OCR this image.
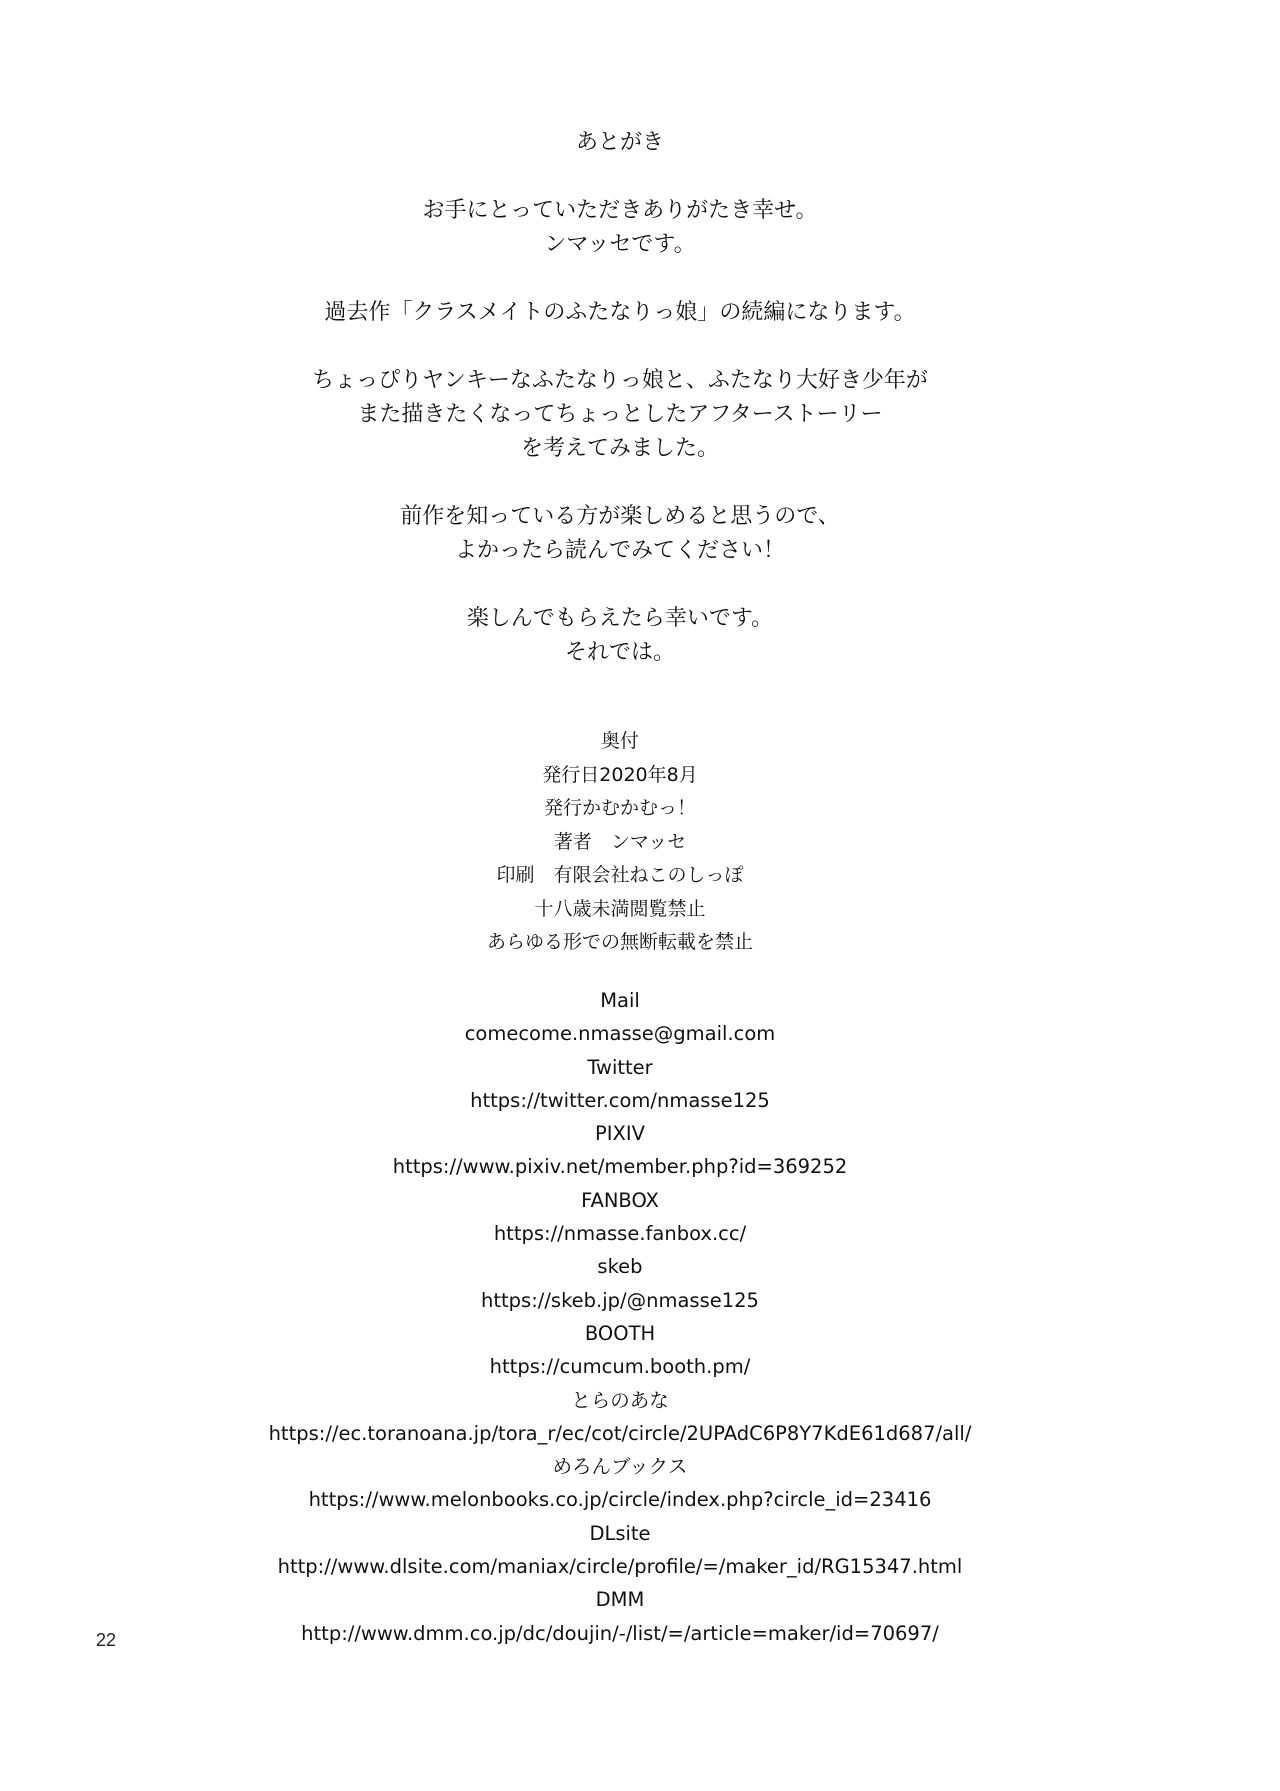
あとがき
お手にとっていただきありがたき幸せ。
ンマッセです。
過去作「クラスメイトのふたなりっ娘」の続編になります。
ちょっぴりヤンキーなふたなりっ娘と、ふたなり大好き少年が
また描きたくなってちょっとしたアフターストーリー
を考えてみました。
前作を知っている方が楽しめると思うので、
よかったら読んでみてください！
楽しんでもらえたら幸いです。
それでは。
奥付
発行日2020年8月
発行かむかむっ！
著者　ンマッセ
印刷　有限会社ねこのしっぽ
十八歳未満閲覧禁止
あらゆる形での無断転載を禁止
Mail
comecome.nmasse@gmail.com
Twitter
https://twitter.com/nmasse125
PIXIV
https://www.pixiv.net/member.php?id=369252
FANBOX
https://nmasse.fanbox.cc/
skeb
https://skeb.jp/@nmasse125
BOOTH
https://cumcum.booth.pm/
とらのあな
https://ec.toranoana.jp/tora_r/ec/cot/circle/2UPAdC6P8Y7KdE61d687/all/
めろんブックス
https://www.melonbooks.co.jp/circle/index.php?circle_id=23416
DLsite
http://www.dlsite.com/maniax/circle/profile/=/maker_id/RG15347.html
DMM
http://www.dmm.co.jp/dc/doujin/-/list/=/article=maker/id=70697/
22
